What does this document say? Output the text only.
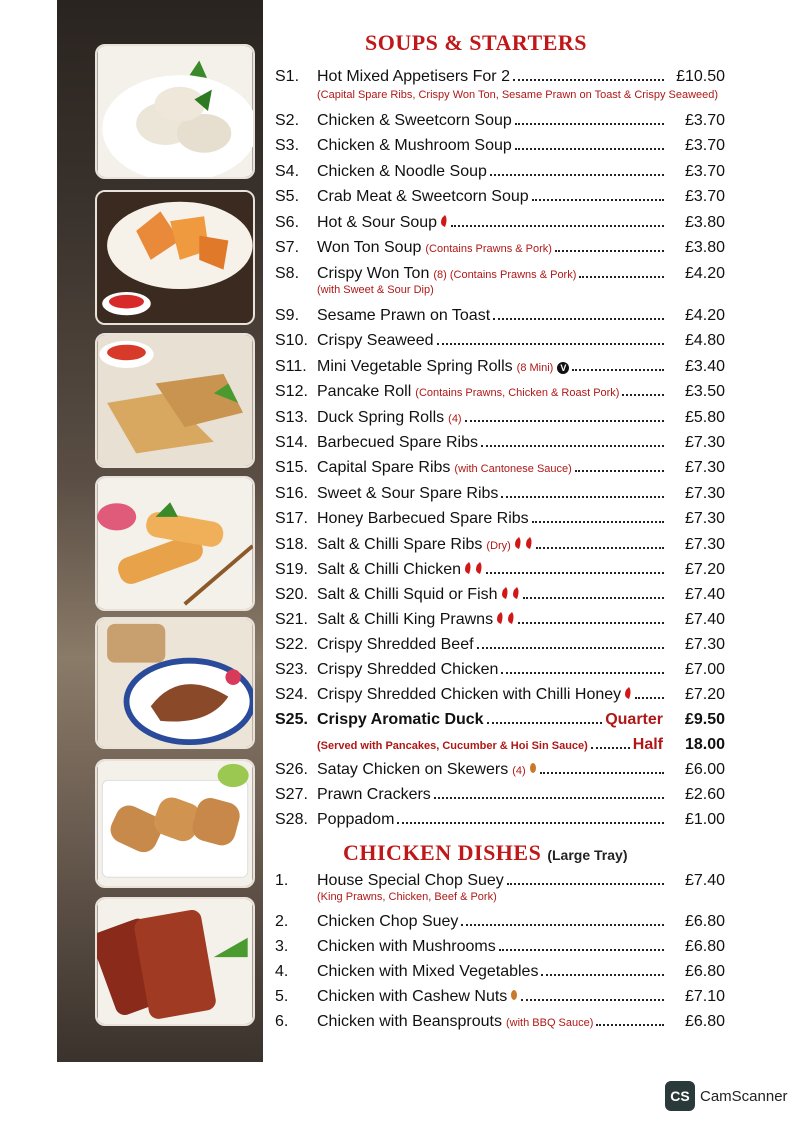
SOUPS & STARTERS
S1. Hot Mixed Appetisers For 2	£10.50
(Capital Spare Ribs, Crispy Won Ton, Sesame Prawn on Toast & Crispy Seaweed)
S2. Chicken & Sweetcorn Soup	£3.70
S3. Chicken & Mushroom Soup	£3.70
S4. Chicken & Noodle Soup	£3.70
S5. Crab Meat & Sweetcorn Soup	£3.70
S6. Hot & Sour Soup	£3.80
S7. Won Ton Soup (Contains Prawns & Pork)	£3.80
S8. Crispy Won Ton (8) (Contains Prawns & Pork)	£4.20
(with Sweet & Sour Dip)
S9. Sesame Prawn on Toast	£4.20
S10. Crispy Seaweed	£4.80
S11. Mini Vegetable Spring Rolls (8 Mini) V	£3.40
S12. Pancake Roll (Contains Prawns, Chicken & Roast Pork)	£3.50
S13. Duck Spring Rolls (4)	£5.80
S14. Barbecued Spare Ribs	£7.30
S15. Capital Spare Ribs (with Cantonese Sauce)	£7.30
S16. Sweet & Sour Spare Ribs	£7.30
S17. Honey Barbecued Spare Ribs	£7.30
S18. Salt & Chilli Spare Ribs (Dry)	£7.30
S19. Salt & Chilli Chicken	£7.20
S20. Salt & Chilli Squid or Fish	£7.40
S21. Salt & Chilli King Prawns	£7.40
S22. Crispy Shredded Beef	£7.30
S23. Crispy Shredded Chicken	£7.00
S24. Crispy Shredded Chicken with Chilli Honey	£7.20
S25. Crispy Aromatic Duck	Quarter £9.50
(Served with Pancakes, Cucumber & Hoi Sin Sauce)	Half 18.00
S26. Satay Chicken on Skewers (4)	£6.00
S27. Prawn Crackers	£2.60
S28. Poppadom	£1.00
CHICKEN DISHES (Large Tray)
1. House Special Chop Suey	£7.40
(King Prawns, Chicken, Beef & Pork)
2. Chicken Chop Suey	£6.80
3. Chicken with Mushrooms	£6.80
4. Chicken with Mixed Vegetables	£6.80
5. Chicken with Cashew Nuts	£7.10
6. Chicken with Beansprouts (with BBQ Sauce)	£6.80
CS CamScanner
